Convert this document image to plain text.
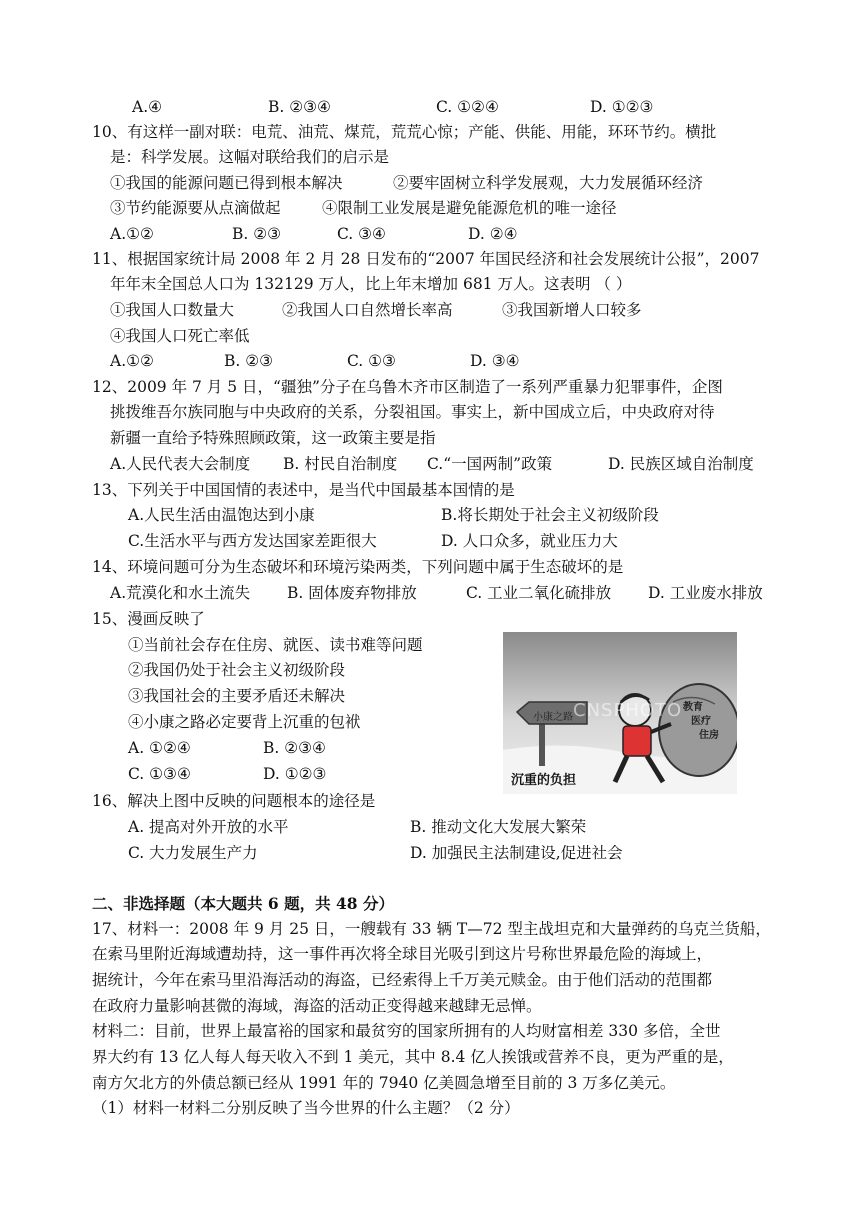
A.④	B. ②③④	C. ①②④	D. ①②③
10、有这样一副对联：电荒、油荒、煤荒，荒荒心惊；产能、供能、用能，环环节约。横批
是：科学发展。这幅对联给我们的启示是
①我国的能源问题已得到根本解决	②要牢固树立科学发展观，大力发展循环经济
③节约能源要从点滴做起	④限制工业发展是避免能源危机的唯一途径
A.①②	B. ②③	C. ③④	D. ②④
11、根据国家统计局 2008 年 2 月 28 日发布的“2007 年国民经济和社会发展统计公报”，2007
年年末全国总人口为 132129 万人，比上年末增加 681 万人。这表明 （ ）
①我国人口数量大	②我国人口自然增长率高	③我国新增人口较多
④我国人口死亡率低
A.①②	B. ②③	C. ①③	D. ③④
12、2009 年 7 月 5 日，“疆独”分子在乌鲁木齐市区制造了一系列严重暴力犯罪事件，企图
挑拨维吾尔族同胞与中央政府的关系，分裂祖国。事实上，新中国成立后，中央政府对待
新疆一直给予特殊照顾政策，这一政策主要是指
A.人民代表大会制度 B. 村民自治制度 C.“一国两制”政策	D. 民族区域自治制度
13、下列关于中国国情的表述中，是当代中国最基本国情的是
A.人民生活由温饱达到小康	B.将长期处于社会主义初级阶段
C.生活水平与西方发达国家差距很大	D. 人口众多，就业压力大
14、环境问题可分为生态破坏和环境污染两类，下列问题中属于生态破坏的是
A.荒漠化和水土流失 B. 固体废弃物排放	C. 工业二氧化硫排放 D. 工业废水排放
15、漫画反映了
①当前社会存在住房、就医、读书难等问题
②我国仍处于社会主义初级阶段
③我国社会的主要矛盾还未解决
④小康之路必定要背上沉重的包袱
A. ①②④	B. ②③④
C. ①③④	D. ①②③
小康之路
教育
医疗
住房
CNSPHOTO
沉重的负担
16、解决上图中反映的问题根本的途径是
A. 提高对外开放的水平	B. 推动文化大发展大繁荣
C. 大力发展生产力	D. 加强民主法制建设,促进社会
二、非选择题（本大题共 6 题，共 48 分）
17、材料一：2008 年 9 月 25 日，一艘载有 33 辆 T—72 型主战坦克和大量弹药的乌克兰货船，
在索马里附近海域遭劫持，这一事件再次将全球目光吸引到这片号称世界最危险的海域上，
据统计，今年在索马里沿海活动的海盗，已经索得上千万美元赎金。由于他们活动的范围都
在政府力量影响甚微的海域，海盗的活动正变得越来越肆无忌惮。
材料二：目前，世界上最富裕的国家和最贫穷的国家所拥有的人均财富相差 330 多倍，全世
界大约有 13 亿人每人每天收入不到 1 美元，其中 8.4 亿人挨饿或营养不良，更为严重的是，
南方欠北方的外债总额已经从 1991 年的 7940 亿美圆急增至目前的 3 万多亿美元。
（1）材料一材料二分别反映了当今世界的什么主题？（2 分）
